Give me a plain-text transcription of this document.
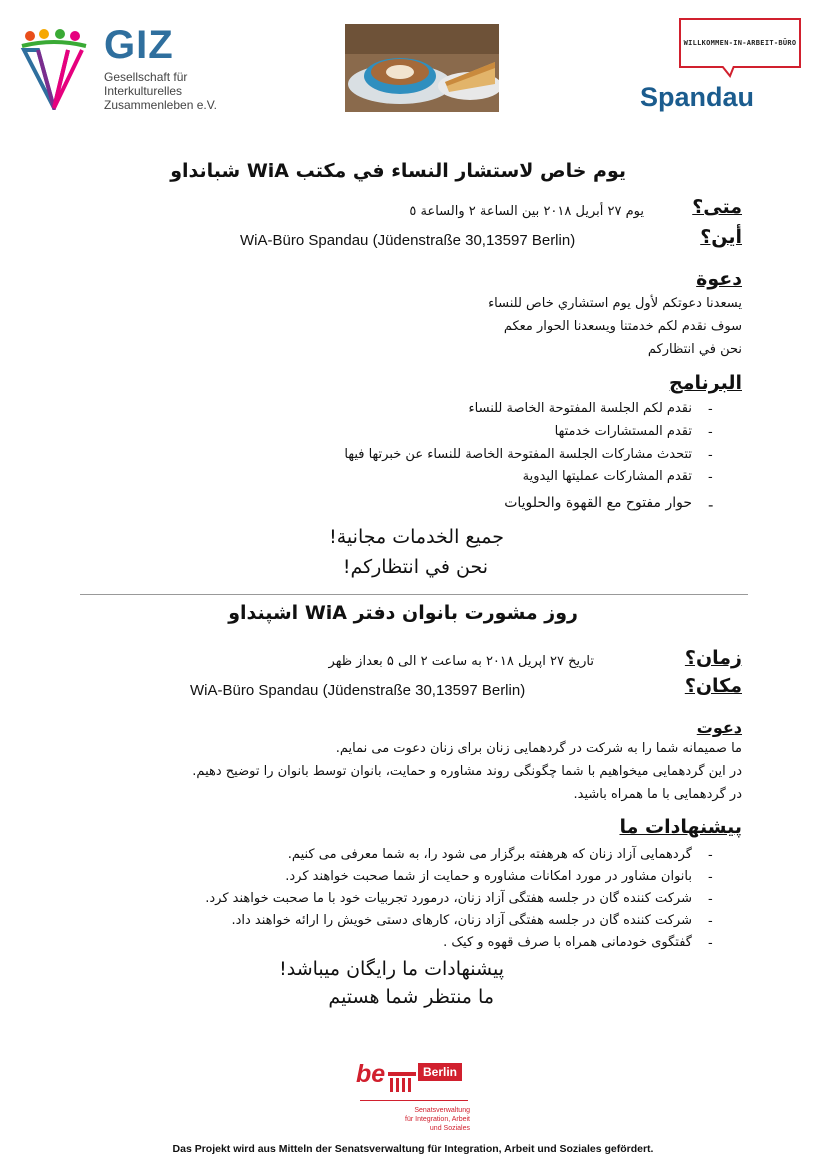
GIZ
Gesellschaft für
Interkulturelles
Zusammenleben e.V.
WILLKOMMEN-IN-ARBEIT-BÜRO
Spandau
يوم خاص لاستشار النساء في مكتب WiA شبانداو
متى؟
يوم ٢٧ أبريل ٢٠١٨ بين الساعة ٢ والساعة ٥
أين؟
WiA-Büro Spandau (Jüdenstraße 30,13597 Berlin)
دعوة
يسعدنا دعوتكم لأول يوم استشاري خاص للنساء
سوف نقدم لكم خدمتنا ويسعدنا الحوار معكم
نحن في انتظاركم
البرنامج
-
نقدم لكم الجلسة المفتوحة الخاصة للنساء
-
تقدم المستشارات خدمتها
-
تتحدث مشاركات الجلسة المفتوحة الخاصة للنساء عن خبرتها فيها
-
تقدم المشاركات عمليتها اليدوية
-
حوار مفتوح مع القهوة والحلويات
جميع الخدمات مجانية!
نحن في انتظاركم!
روز مشورت بانوان دفتر WiA اشپنداو
زمان؟
تاریخ ۲۷ اپریل ۲۰۱۸ به ساعت ۲ الی ۵ بعداز ظهر
مکان؟
WiA-Büro Spandau (Jüdenstraße 30,13597 Berlin)
دعوت
ما صمیمانه شما را به شرکت در گردهمایی زنان برای زنان دعوت می نمایم.
در این گردهمایی میخواهیم با شما چگونگی روند مشاوره و حمایت، بانوان توسط بانوان را توضیح دهیم.
در گردهمایی با ما همراه باشید.
پیشنهادات ما
-
گردهمایی آزاد زنان که هرهفته برگزار می شود را، به شما معرفی می کنیم.
-
بانوان مشاور در مورد امکانات مشاوره و حمایت از شما صحبت خواهند کرد.
-
شرکت کننده گان در جلسه هفتگی آزاد زنان، درمورد تجربیات خود با ما صحبت خواهند کرد.
-
شرکت کننده گان در جلسه هفتگی آزاد زنان، کارهای دستی خویش را ارائه خواهند داد.
-
گفتگوی خودمانی همراه با صرف قهوه و کیک .
پیشنهادات ما رایگان میباشد!
ما منتظر شما هستیم
be	Berlin
Senatsverwaltung
für Integration, Arbeit
und Soziales
Das Projekt wird aus Mitteln der Senatsverwaltung für Integration, Arbeit und Soziales gefördert.
